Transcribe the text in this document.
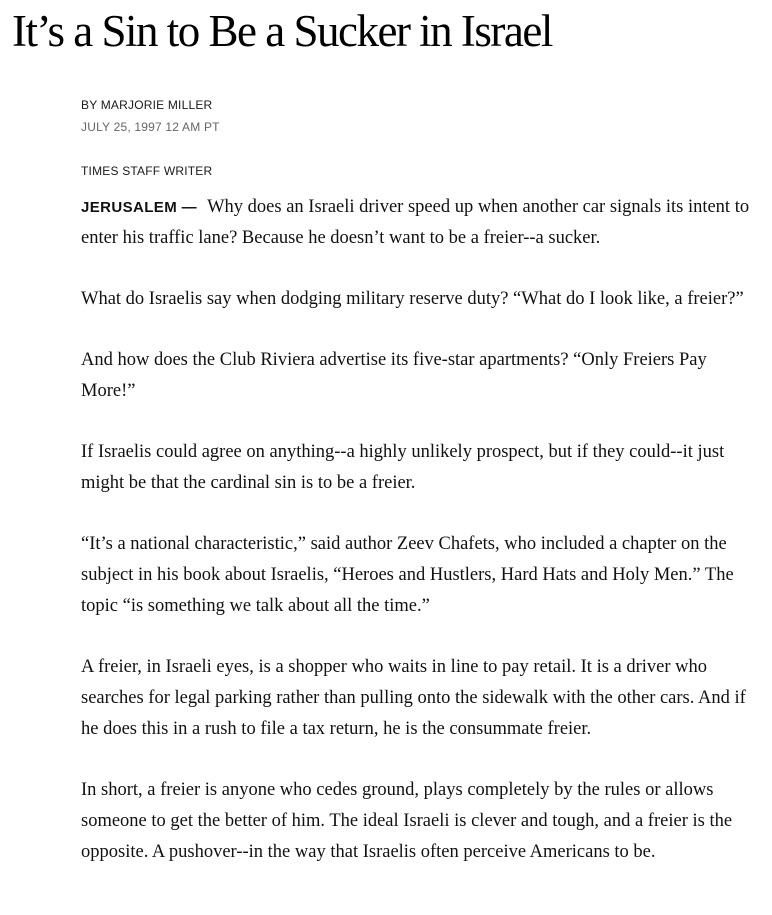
It’s a Sin to Be a Sucker in Israel
BY MARJORIE MILLER
JULY 25, 1997 12 AM PT
TIMES STAFF WRITER

JERUSALEM — Why does an Israeli driver speed up when another car signals its intent to enter his traffic lane? Because he doesn’t want to be a freier--a sucker.

What do Israelis say when dodging military reserve duty? “What do I look like, a freier?”

And how does the Club Riviera advertise its five-star apartments? “Only Freiers Pay More!”

If Israelis could agree on anything--a highly unlikely prospect, but if they could--it just might be that the cardinal sin is to be a freier.

“It’s a national characteristic,” said author Zeev Chafets, who included a chapter on the subject in his book about Israelis, “Heroes and Hustlers, Hard Hats and Holy Men.” The topic “is something we talk about all the time.”

A freier, in Israeli eyes, is a shopper who waits in line to pay retail. It is a driver who searches for legal parking rather than pulling onto the sidewalk with the other cars. And if he does this in a rush to file a tax return, he is the consummate freier.

In short, a freier is anyone who cedes ground, plays completely by the rules or allows someone to get the better of him. The ideal Israeli is clever and tough, and a freier is the opposite. A pushover--in the way that Israelis often perceive Americans to be.
